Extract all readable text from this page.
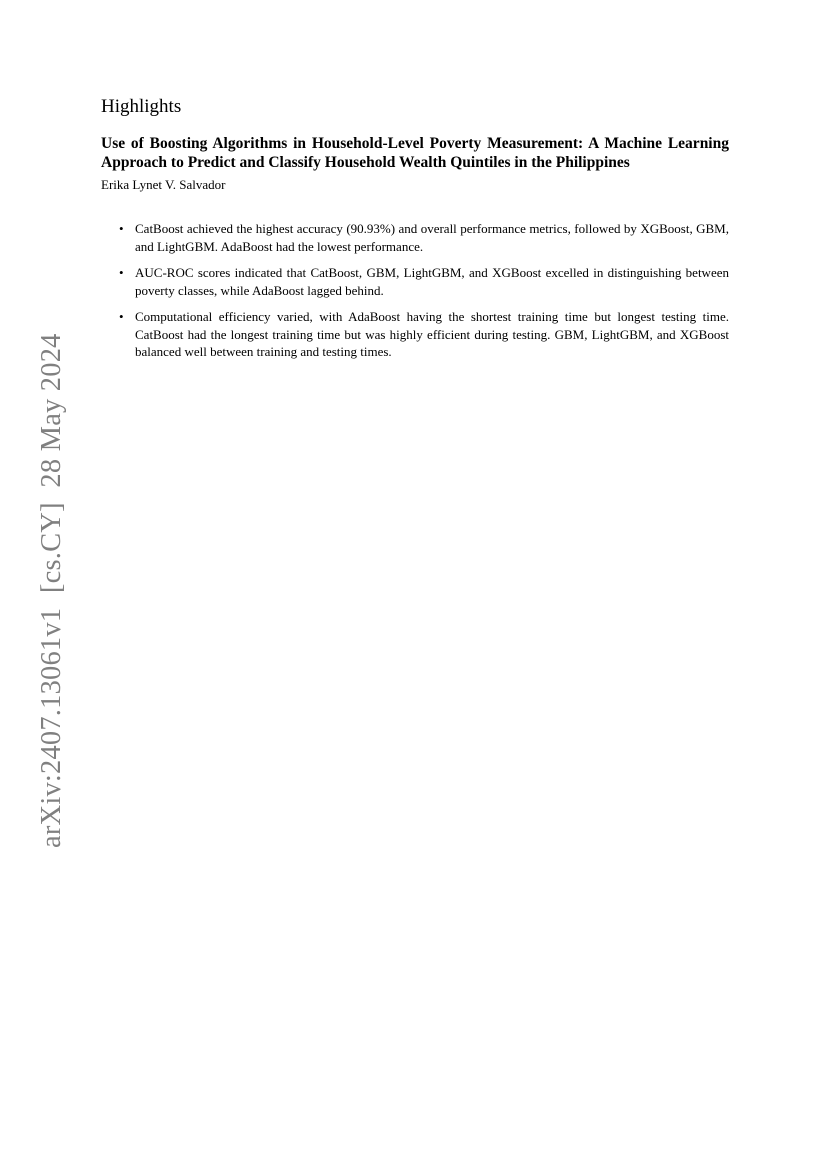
Highlights
Use of Boosting Algorithms in Household-Level Poverty Measurement: A Machine Learning Approach to Predict and Classify Household Wealth Quintiles in the Philippines

Erika Lynet V. Salvador

• CatBoost achieved the highest accuracy (90.93%) and overall performance metrics, followed by XGBoost, GBM, and LightGBM. AdaBoost had the lowest performance.
• AUC-ROC scores indicated that CatBoost, GBM, LightGBM, and XGBoost excelled in distinguishing between poverty classes, while AdaBoost lagged behind.
• Computational efficiency varied, with AdaBoost having the shortest training time but longest testing time. CatBoost had the longest training time but was highly efficient during testing. GBM, LightGBM, and XGBoost balanced well between training and testing times.
arXiv:2407.13061v1  [cs.CY]  28 May 2024
